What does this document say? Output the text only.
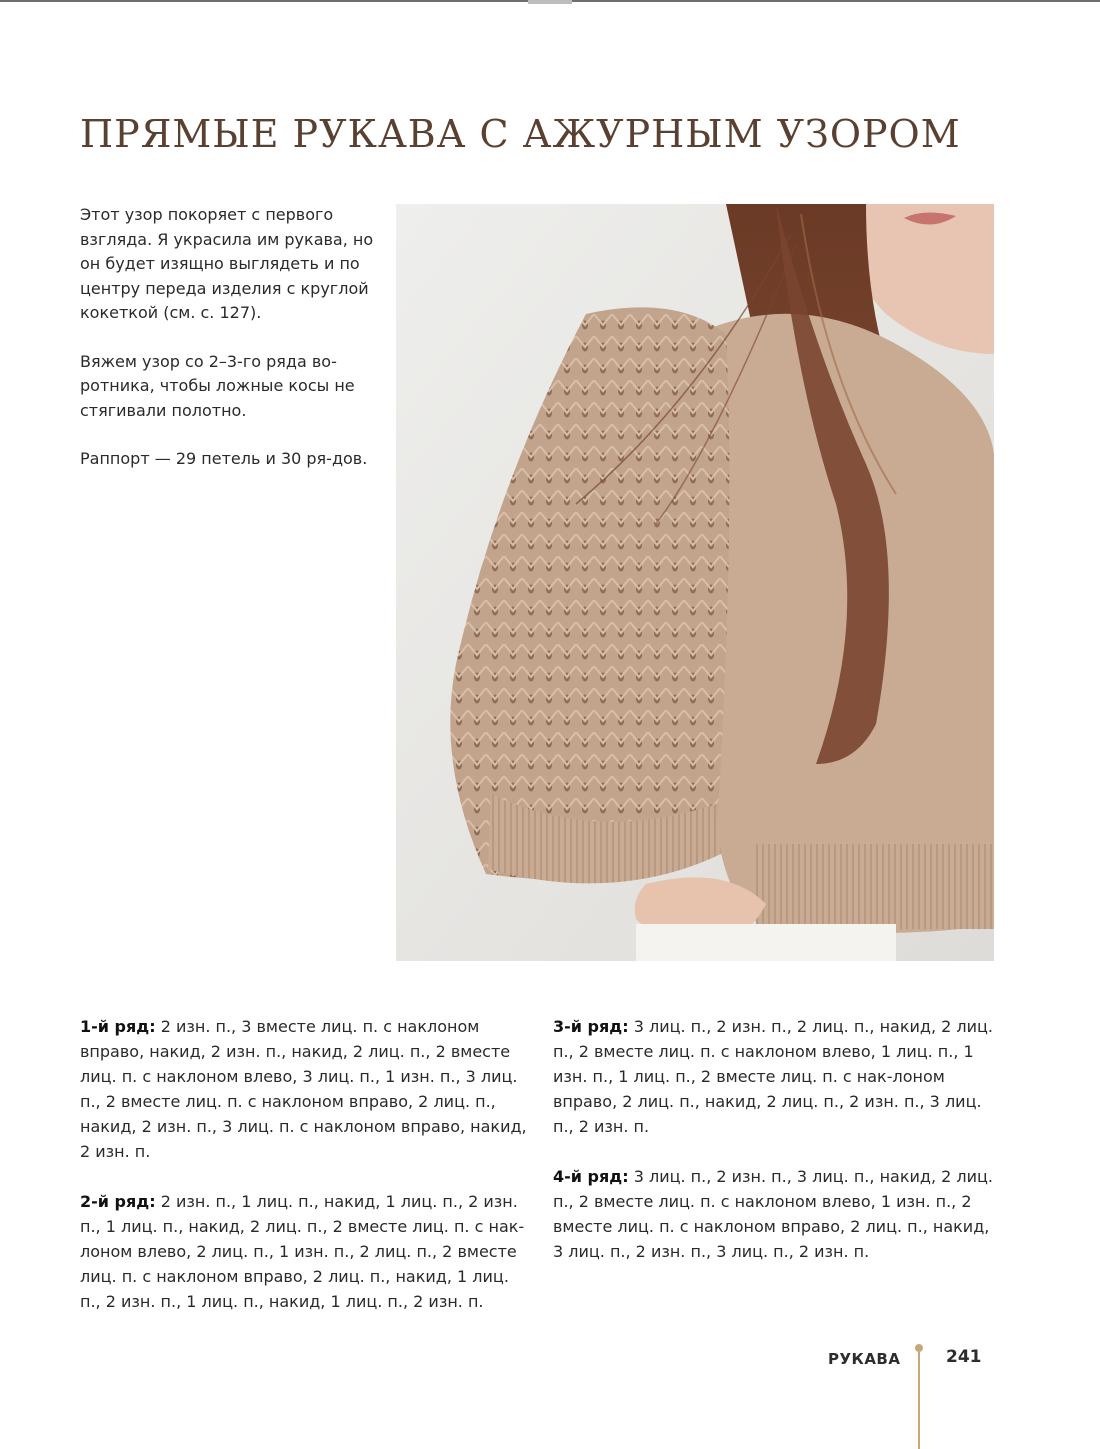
ПРЯМЫЕ РУКАВА С АЖУРНЫМ УЗОРОМ

Этот узор покоряет с первого взгляда. Я украсила им рукава, но он будет изящно выглядеть и по центру переда изделия с круглой кокеткой (см. с. 127).

Вяжем узор со 2–3-го ряда во-ротника, чтобы ложные косы не стягивали полотно.

Раппорт — 29 петель и 30 ря-дов.

1-й ряд: 2 изн. п., 3 вместе лиц. п. с наклоном вправо, накид, 2 изн. п., накид, 2 лиц. п., 2 вместе лиц. п. с наклоном влево, 3 лиц. п., 1 изн. п., 3 лиц. п., 2 вместе лиц. п. с наклоном вправо, 2 лиц. п., накид, 2 изн. п., 3 лиц. п. с наклоном вправо, накид, 2 изн. п.

2-й ряд: 2 изн. п., 1 лиц. п., накид, 1 лиц. п., 2 изн. п., 1 лиц. п., накид, 2 лиц. п., 2 вместе лиц. п. с нак-лоном влево, 2 лиц. п., 1 изн. п., 2 лиц. п., 2 вместе лиц. п. с наклоном вправо, 2 лиц. п., накид, 1 лиц. п., 2 изн. п., 1 лиц. п., накид, 1 лиц. п., 2 изн. п.

3-й ряд: 3 лиц. п., 2 изн. п., 2 лиц. п., накид, 2 лиц. п., 2 вместе лиц. п. с наклоном влево, 1 лиц. п., 1 изн. п., 1 лиц. п., 2 вместе лиц. п. с нак-лоном вправо, 2 лиц. п., накид, 2 лиц. п., 2 изн. п., 3 лиц. п., 2 изн. п.

4-й ряд: 3 лиц. п., 2 изн. п., 3 лиц. п., накид, 2 лиц. п., 2 вместе лиц. п. с наклоном влево, 1 изн. п., 2 вместе лиц. п. с наклоном вправо, 2 лиц. п., накид, 3 лиц. п., 2 изн. п., 3 лиц. п., 2 изн. п.

РУКАВА	241
